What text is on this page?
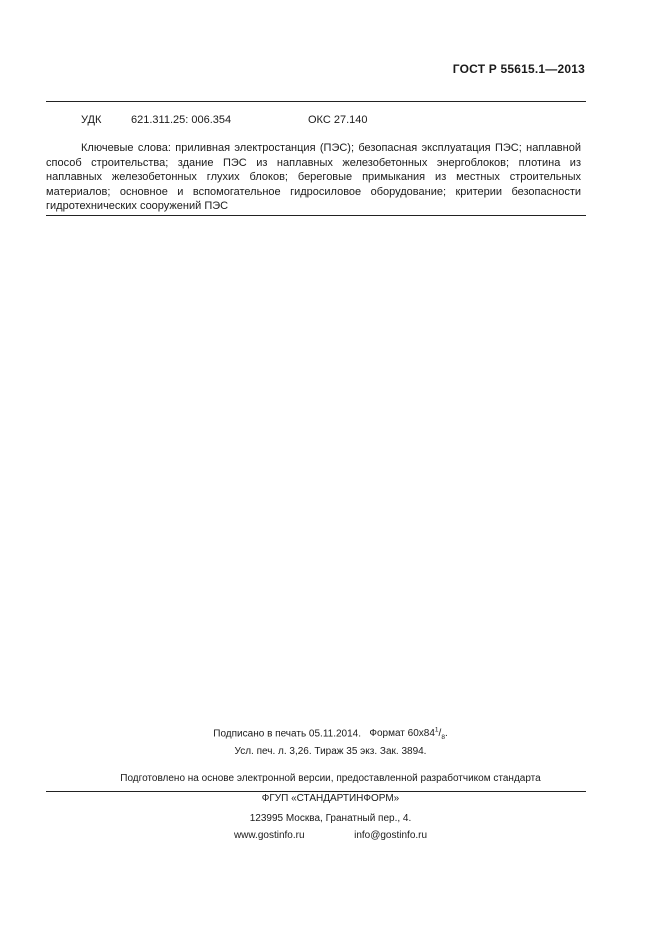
ГОСТ Р 55615.1—2013
УДК	621.311.25: 006.354	ОКС 27.140
Ключевые слова: приливная электростанция (ПЭС); безопасная эксплуатация ПЭС; наплавной способ строительства; здание ПЭС из наплавных железобетонных энергоблоков; плотина из наплавных железобетонных глухих блоков; береговые примыкания из местных строительных материалов; основное и вспомогательное гидросиловое оборудование; критерии безопасности гидротехнических сооружений ПЭС
Подписано в печать 05.11.2014. Формат $60х84^1/_8$.
Усл. печ. л. 3,26. Тираж 35 экз. Зак. 3894.
Подготовлено на основе электронной версии, предоставленной разработчиком стандарта
ФГУП «СТАНДАРТИНФОРМ»
123995 Москва, Гранатный пер., 4.
www.gostinfo.ru	info@gostinfo.ru
